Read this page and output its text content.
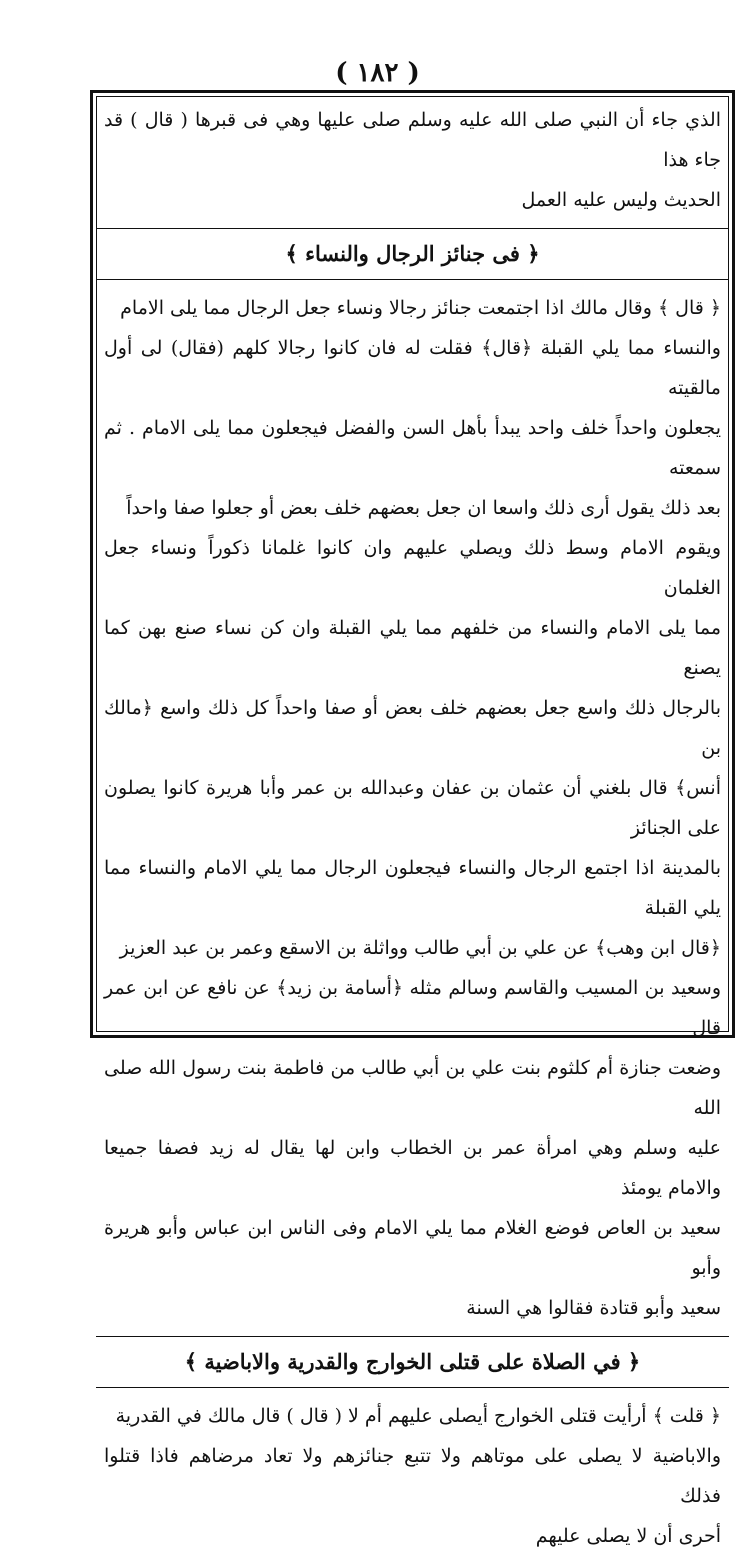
( ١٨٢ )

الذي جاء أن النبي صلى الله عليه وسلم صلى عليها وهي فى قبرها ( قال ) قد جاء هذا

الحديث وليس عليه العمل

﴿ فى جنائز الرجال والنساء ﴾

﴿ قال ﴾ وقال مالك اذا اجتمعت جنائز رجالا ونساء جعل الرجال مما يلى الامام

والنساء مما يلي القبلة ﴿قال﴾ فقلت له فان كانوا رجالا كلهم (فقال) لى أول مالقيته

يجعلون واحداً خلف واحد يبدأ بأهل السن والفضل فيجعلون مما يلى الامام . ثم سمعته

بعد ذلك يقول أرى ذلك واسعا ان جعل بعضهم خلف بعض أو جعلوا صفا واحداً

ويقوم الامام وسط ذلك ويصلي عليهم وان كانوا غلمانا ذكوراً ونساء جعل الغلمان

مما يلى الامام والنساء من خلفهم مما يلي القبلة وان كن نساء صنع بهن كما يصنع

بالرجال ذلك واسع جعل بعضهم خلف بعض أو صفا واحداً كل ذلك واسع ﴿مالك بن

أنس﴾ قال بلغني أن عثمان بن عفان وعبدالله بن عمر وأبا هريرة كانوا يصلون على الجنائز

بالمدينة اذا اجتمع الرجال والنساء فيجعلون الرجال مما يلي الامام والنساء مما يلي القبلة

﴿قال ابن وهب﴾ عن علي بن أبي طالب وواثلة بن الاسقع وعمر بن عبد العزيز

وسعيد بن المسيب والقاسم وسالم مثله ﴿أسامة بن زيد﴾ عن نافع عن ابن عمر قال

وضعت جنازة أم كلثوم بنت علي بن أبي طالب من فاطمة بنت رسول الله صلى الله

عليه وسلم وهي امرأة عمر بن الخطاب وابن لها يقال له زيد فصفا جميعا والامام يومئذ

سعيد بن العاص فوضع الغلام مما يلي الامام وفى الناس ابن عباس وأبو هريرة وأبو

سعيد وأبو قتادة فقالوا هي السنة

﴿ في الصلاة على قتلى الخوارج والقدرية والاباضية ﴾

﴿ قلت ﴾ أرأيت قتلى الخوارج أيصلى عليهم أم لا ( قال ) قال مالك في القدرية

والاباضية لا يصلى على موتاهم ولا تتبع جنائزهم ولا تعاد مرضاهم فاذا قتلوا فذلك

أحرى أن لا يصلى عليهم
